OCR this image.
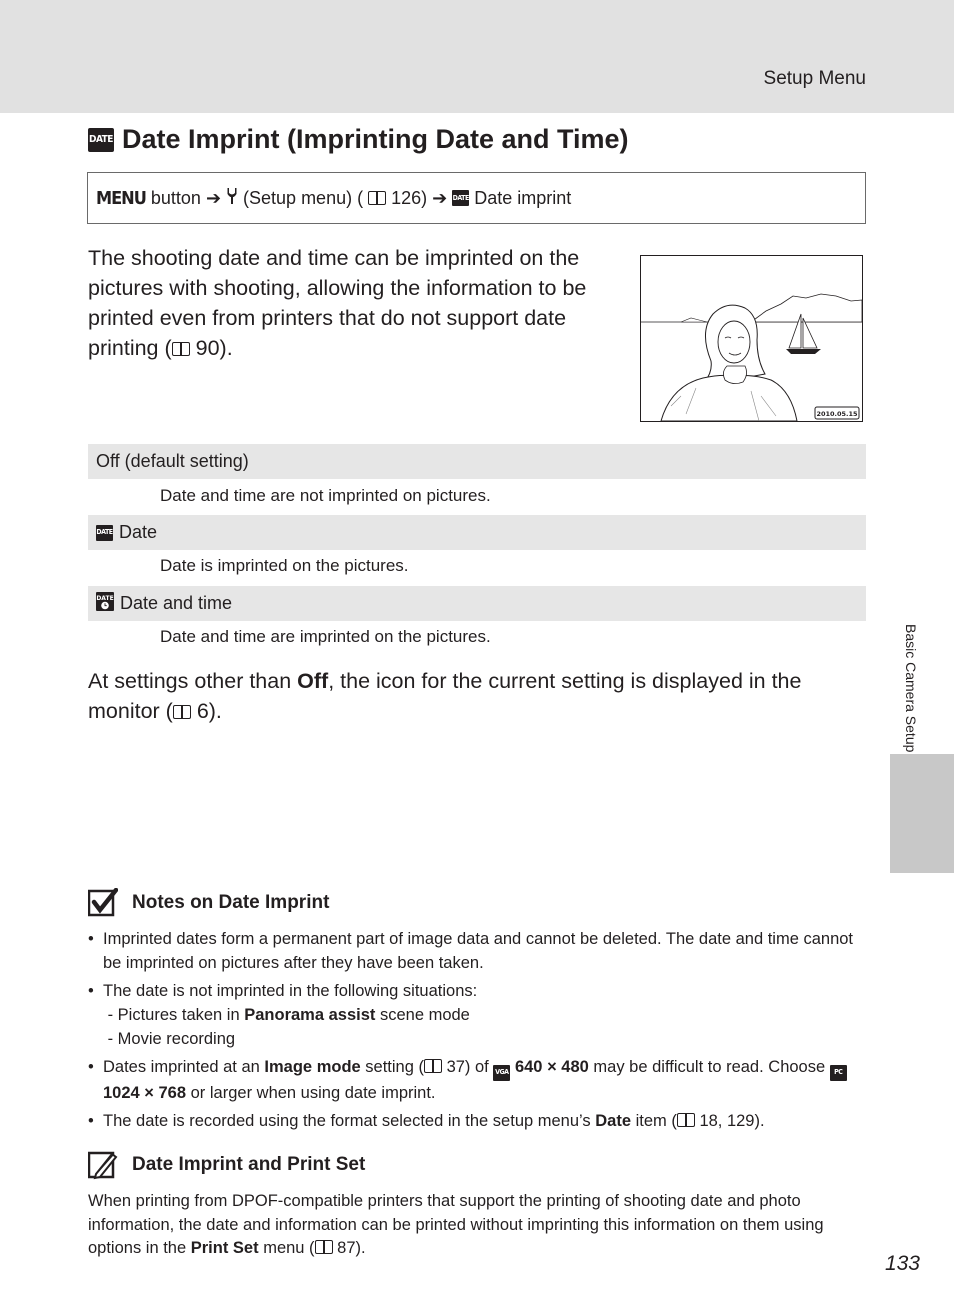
Setup Menu
DATE Date Imprint (Imprinting Date and Time)
MENU button ➔ (Setup menu) ( 126) ➔ DATE Date imprint
The shooting date and time can be imprinted on the pictures with shooting, allowing the information to be printed even from printers that do not support date printing ( 90).
2010.05.15
Off (default setting)
Date and time are not imprinted on pictures.
DATE Date
Date is imprinted on the pictures.
DATE Date and time
Date and time are imprinted on the pictures.
At settings other than Off, the icon for the current setting is displayed in the monitor ( 6).	Basic Camera Setup
Notes on Date Imprint
• Imprinted dates form a permanent part of image data and cannot be deleted. The date and time cannot be imprinted on pictures after they have been taken.
• The date is not imprinted in the following situations:
- Pictures taken in Panorama assist scene mode
- Movie recording
• Dates imprinted at an Image mode setting ( 37) of VGA 640 × 480 may be difficult to read. Choose PC 1024 × 768 or larger when using date imprint.
• The date is recorded using the format selected in the setup menu’s Date item ( 18, 129).
Date Imprint and Print Set
When printing from DPOF-compatible printers that support the printing of shooting date and photo information, the date and information can be printed without imprinting this information on them using options in the Print Set menu ( 87).
133
